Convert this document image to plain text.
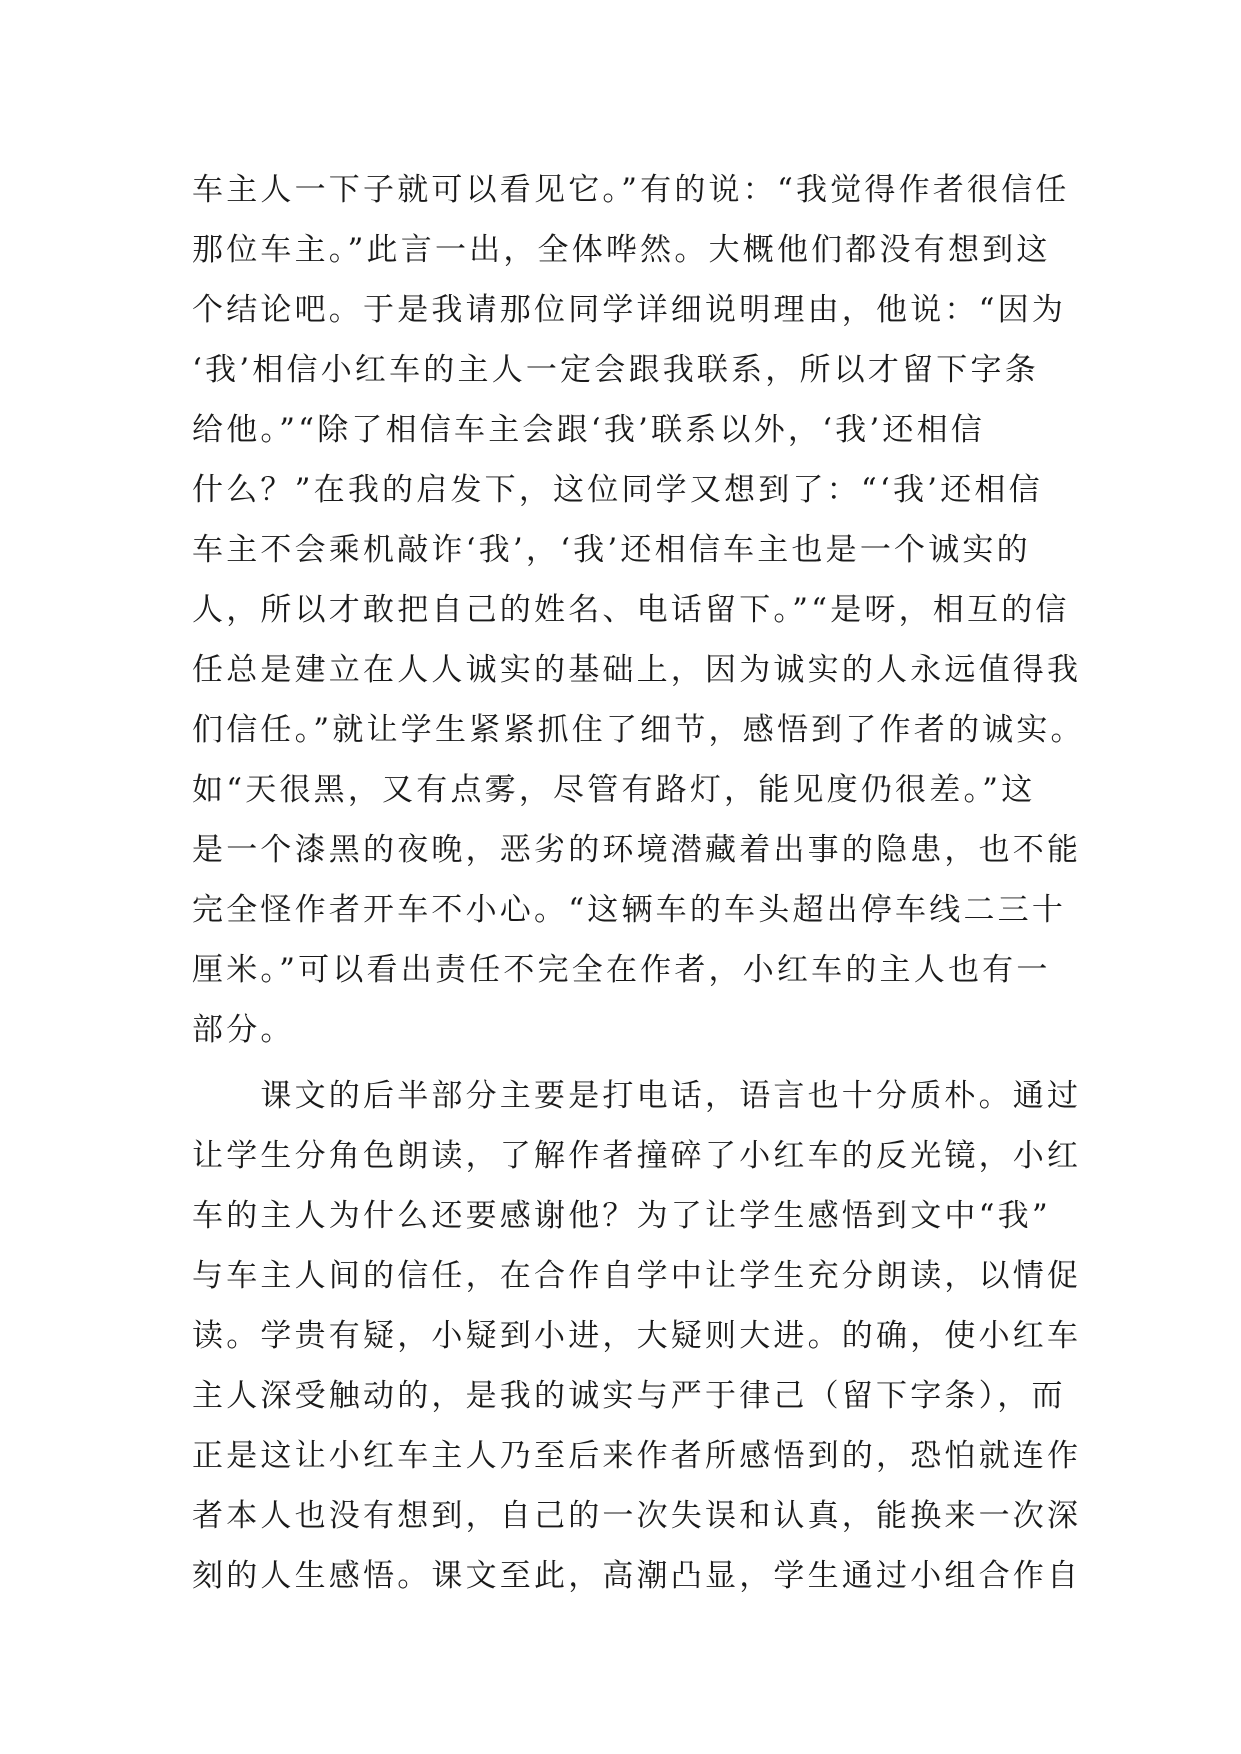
车主人一下子就可以看见它。”有的说：“我觉得作者很信任
那位车主。”此言一出，全体哗然。大概他们都没有想到这
个结论吧。于是我请那位同学详细说明理由，他说：“因为
‘我’相信小红车的主人一定会跟我联系，所以才留下字条
给他。”“除了相信车主会跟‘我’联系以外，‘我’还相信
什么？”在我的启发下，这位同学又想到了：“‘我’还相信
车主不会乘机敲诈‘我’，‘我’还相信车主也是一个诚实的
人，所以才敢把自己的姓名、电话留下。”“是呀，相互的信
任总是建立在人人诚实的基础上，因为诚实的人永远值得我
们信任。”就让学生紧紧抓住了细节，感悟到了作者的诚实。
如“天很黑，又有点雾，尽管有路灯，能见度仍很差。”这
是一个漆黑的夜晚，恶劣的环境潜藏着出事的隐患，也不能
完全怪作者开车不小心。“这辆车的车头超出停车线二三十
厘米。”可以看出责任不完全在作者，小红车的主人也有一
部分。
　　课文的后半部分主要是打电话，语言也十分质朴。通过
让学生分角色朗读，了解作者撞碎了小红车的反光镜，小红
车的主人为什么还要感谢他？为了让学生感悟到文中“我”
与车主人间的信任，在合作自学中让学生充分朗读，以情促
读。学贵有疑，小疑到小进，大疑则大进。的确，使小红车
主人深受触动的，是我的诚实与严于律己（留下字条），而
正是这让小红车主人乃至后来作者所感悟到的，恐怕就连作
者本人也没有想到，自己的一次失误和认真，能换来一次深
刻的人生感悟。课文至此，高潮凸显，学生通过小组合作自
